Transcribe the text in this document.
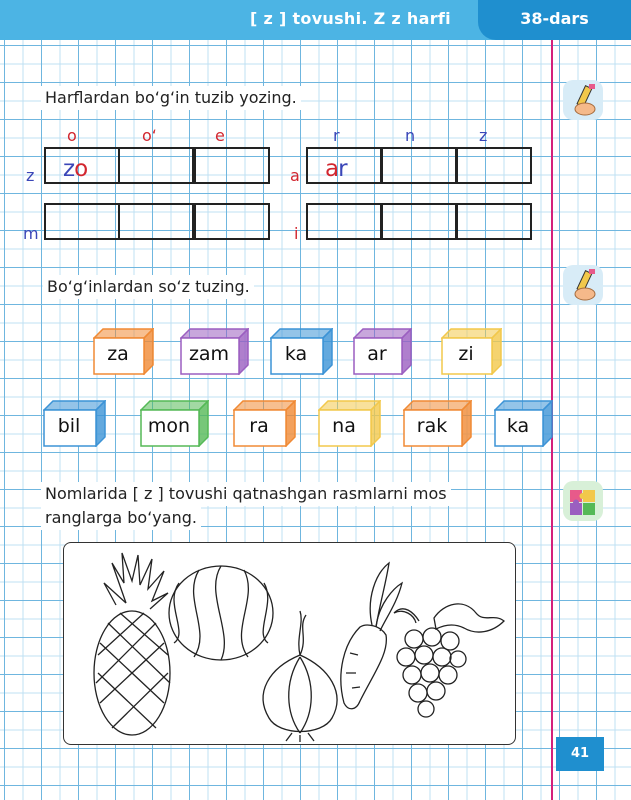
[ z ] tovushi. Z z harfi	38-dars
Harflardan bo‘g‘in tuzib yozing.
o	o‘	e	r	n	z
z
m
a
i
zo	ar
Bo‘g‘inlardan so‘z tuzing.
za	zam	ka	ar	zi
bil	mon	ra	na	rak	ka
Nomlarida [ z ] tovushi qatnashgan rasmlarni mos
ranglarga bo‘yang.
41
